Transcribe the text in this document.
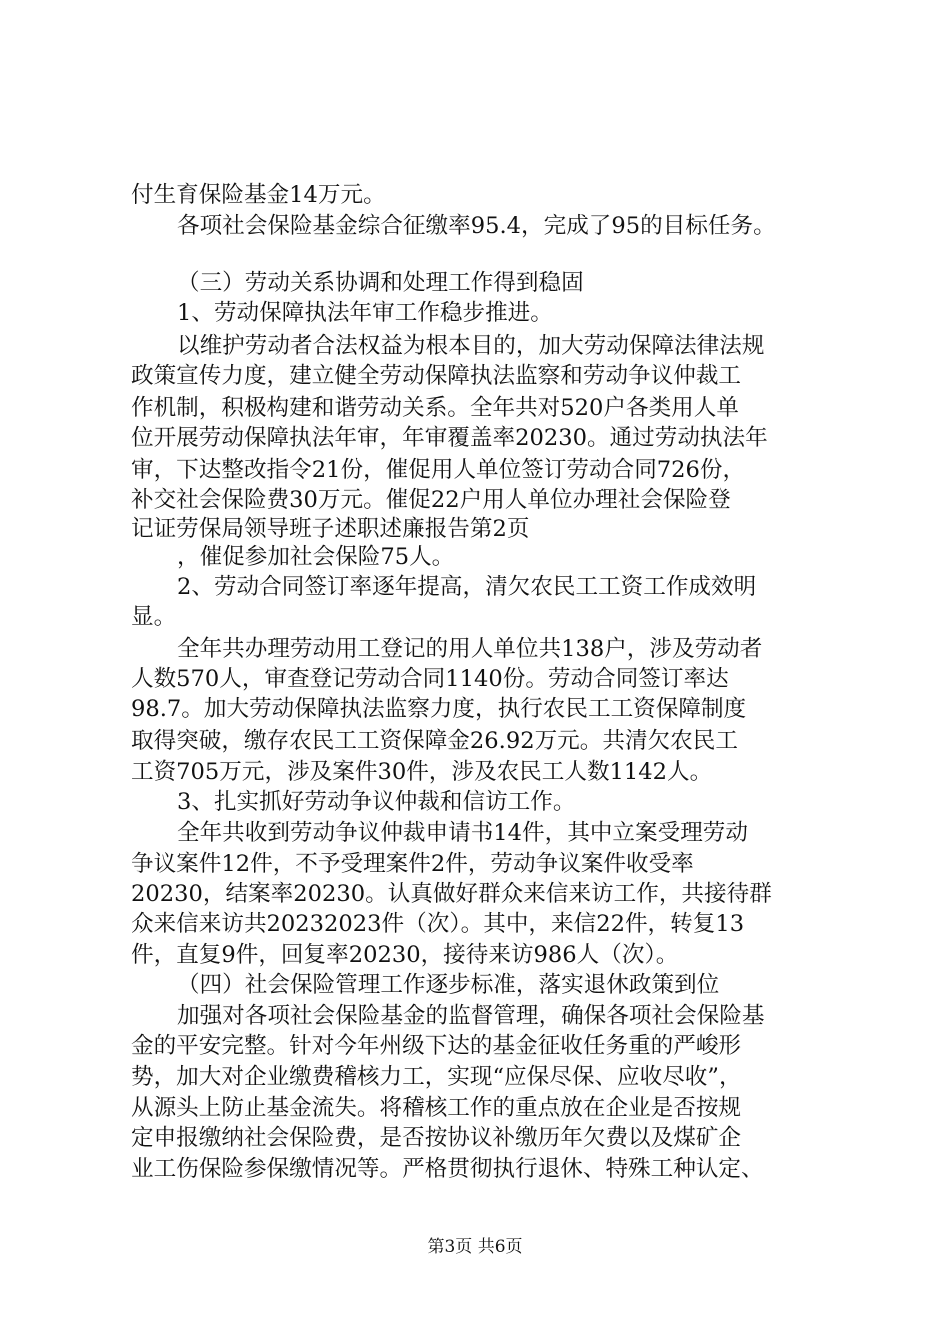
付生育保险基金14万元。
各项社会保险基金综合征缴率95.4，完成了95的目标任务。
（三）劳动关系协调和处理工作得到稳固
1、劳动保障执法年审工作稳步推进。
以维护劳动者合法权益为根本目的，加大劳动保障法律法规
政策宣传力度，建立健全劳动保障执法监察和劳动争议仲裁工
作机制，积极构建和谐劳动关系。全年共对520户各类用人单
位开展劳动保障执法年审，年审覆盖率20230。通过劳动执法年
审，下达整改指令21份，催促用人单位签订劳动合同726份，
补交社会保险费30万元。催促22户用人单位办理社会保险登
记证劳保局领导班子述职述廉报告第2页
，催促参加社会保险75人。
2、劳动合同签订率逐年提高，清欠农民工工资工作成效明
显。
全年共办理劳动用工登记的用人单位共138户，涉及劳动者
人数570人，审查登记劳动合同1140份。劳动合同签订率达
98.7。加大劳动保障执法监察力度，执行农民工工资保障制度
取得突破，缴存农民工工资保障金26.92万元。共清欠农民工
工资705万元，涉及案件30件，涉及农民工人数1142人。
3、扎实抓好劳动争议仲裁和信访工作。
全年共收到劳动争议仲裁申请书14件，其中立案受理劳动
争议案件12件，不予受理案件2件，劳动争议案件收受率
20230，结案率20230。认真做好群众来信来访工作，共接待群
众来信来访共20232023件（次）。其中，来信22件，转复13
件，直复9件，回复率20230，接待来访986人（次）。
（四）社会保险管理工作逐步标准，落实退休政策到位
加强对各项社会保险基金的监督管理，确保各项社会保险基
金的平安完整。针对今年州级下达的基金征收任务重的严峻形
势，加大对企业缴费稽核力工，实现“应保尽保、应收尽收”，
从源头上防止基金流失。将稽核工作的重点放在企业是否按规
定申报缴纳社会保险费，是否按协议补缴历年欠费以及煤矿企
业工伤保险参保缴情况等。严格贯彻执行退休、特殊工种认定、
第3页 共6页
